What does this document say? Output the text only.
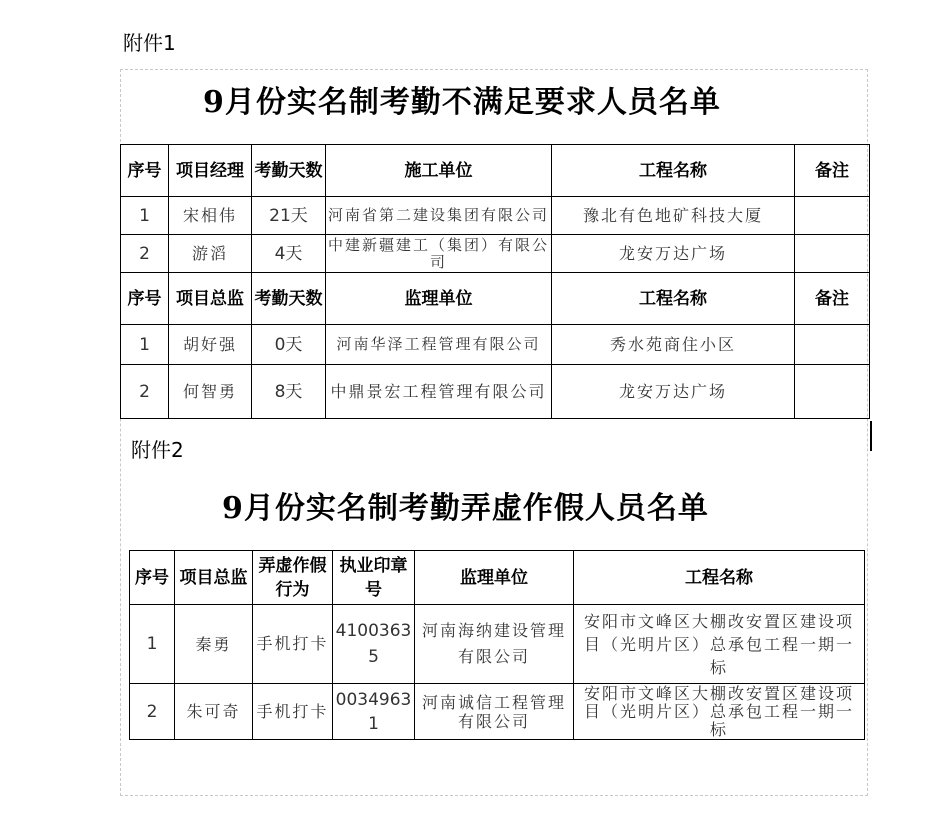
附件1
9月份实名制考勤不满足要求人员名单
序号	项目经理	考勤天数	施工单位	工程名称	备注
1	宋相伟	21天	河南省第二建设集团有限公司	豫北有色地矿科技大厦	
2	游滔	4天	中建新疆建工（集团）有限公司	龙安万达广场	
序号	项目总监	考勤天数	监理单位	工程名称	备注
1	胡好强	0天	河南华泽工程管理有限公司	秀水苑商住小区	
2	何智勇	8天	中鼎景宏工程管理有限公司	龙安万达广场	
附件2
9月份实名制考勤弄虚作假人员名单
序号	项目总监	弄虚作假行为	执业印章号	监理单位	工程名称
1	秦勇	手机打卡	41003635	河南海纳建设管理有限公司	安阳市文峰区大棚改安置区建设项目（光明片区）总承包工程一期一标
2	朱可奇	手机打卡	00349631	河南诚信工程管理有限公司	安阳市文峰区大棚改安置区建设项目（光明片区）总承包工程一期一标
